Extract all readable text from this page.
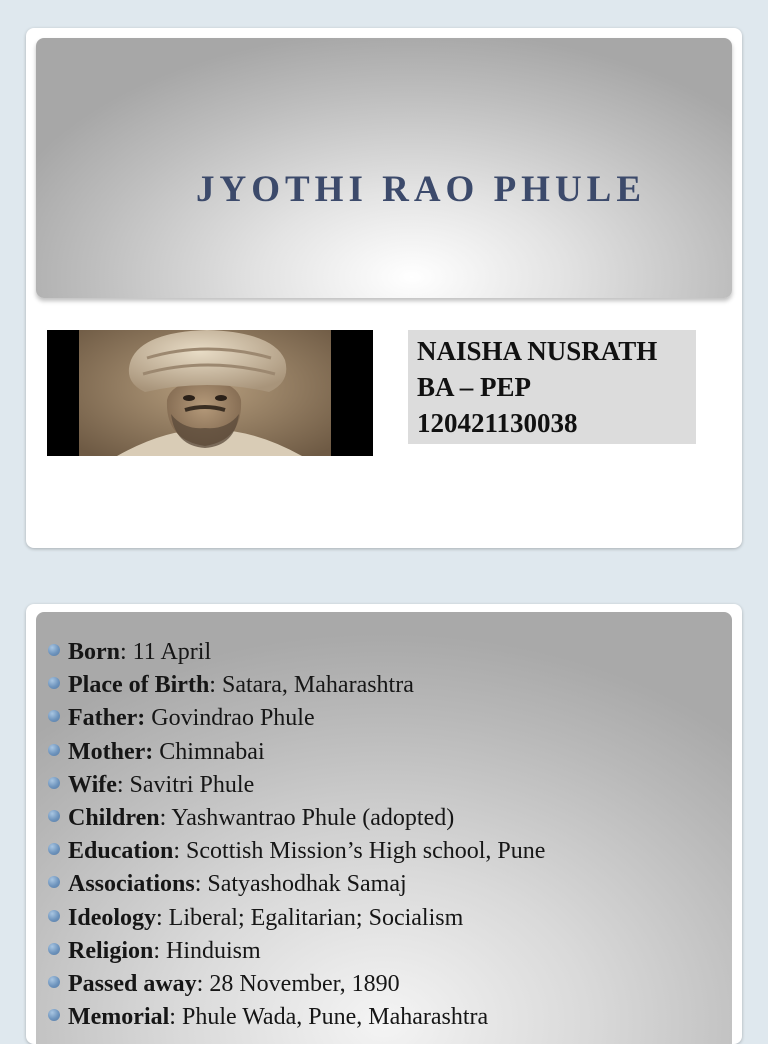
JYOTHI RAO PHULE

NAISHA NUSRATH

BA – PEP

120421130038

Born: 11 April
Place of Birth: Satara, Maharashtra
Father: Govindrao Phule
Mother: Chimnabai
Wife: Savitri Phule
Children: Yashwantrao Phule (adopted)
Education: Scottish Mission’s High school, Pune
Associations: Satyashodhak Samaj
Ideology: Liberal; Egalitarian; Socialism
Religion: Hinduism
Passed away: 28 November, 1890
Memorial: Phule Wada, Pune, Maharashtra
